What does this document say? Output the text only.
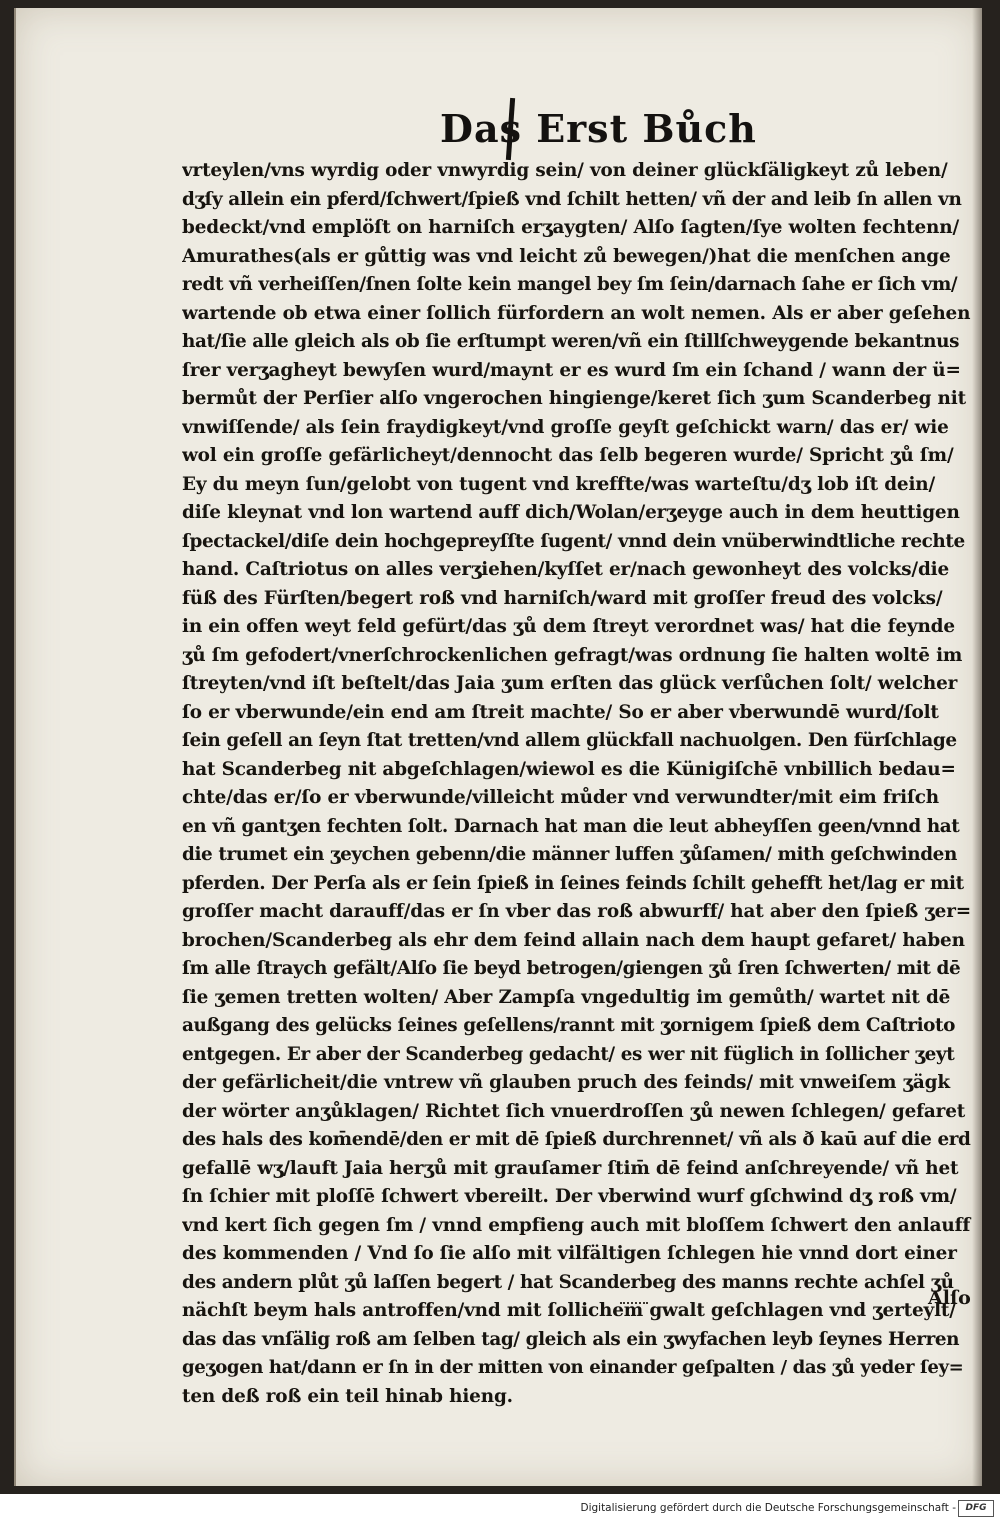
Das Erst Bůch
vrteylen/vns wyrdig oder vnwyrdig sein/ von deiner glückſäligkeyt zů leben/
dʒſy allein ein pferd/ſchwert/ſpieß vnd ſchilt hetten/ vñ der and leib ſn allen vn
bedeckt/vnd emplöſt on harniſch erʒaygten/ Alſo ſagten/ſye wolten fechtenn/
Amurathes(als er gůttig was vnd leicht zů bewegen/)hat die menſchen ange
redt vñ verheiſſen/ſnen ſolte kein mangel bey ſm ſein/darnach ſahe er ſich vm/
wartende ob etwa einer ſollich fürfordern an wolt nemen. Als er aber geſehen
hat/ſie alle gleich als ob ſie erſtumpt weren/vñ ein ſtillſchweygende bekantnus
ſrer verʒagheyt bewyſen wurd/maynt er es wurd ſm ein ſchand / wann der ü=
bermůt der Perſier alſo vngerochen hingienge/keret ſich ʒum Scanderbeg nit
vnwiſſende/ als ſein fraydigkeyt/vnd groſſe geyſt geſchickt warn/ das er/ wie
wol ein groſſe gefärlicheyt/dennocht das ſelb begeren wurde/ Spricht ʒů ſm/
Ey du meyn ſun/gelobt von tugent vnd kreffte/was warteſtu/dʒ lob iſt dein/
diſe kleynat vnd lon wartend auff dich/Wolan/erʒeyge auch in dem heuttigen
ſpectackel/diſe dein hochgepreyſſte ſugent/ vnnd dein vnüberwindtliche rechte
hand. Caſtriotus on alles verʒiehen/kyſſet er/nach gewonheyt des volcks/die
füß des Fürſten/begert roß vnd harniſch/ward mit groſſer freud des volcks/
in ein offen weyt feld gefürt/das ʒů dem ſtreyt verordnet was/ hat die feynde
ʒů ſm gefodert/vnerſchrockenlichen gefragt/was ordnung ſie halten woltē im
ſtreyten/vnd iſt beſtelt/das Jaia ʒum erſten das glück verſůchen ſolt/ welcher
ſo er vberwunde/ein end am ſtreit machte/ So er aber vberwundē wurd/ſolt
ſein geſell an ſeyn ſtat tretten/vnd allem glückfall nachuolgen. Den fürſchlage
hat Scanderbeg nit abgeſchlagen/wiewol es die Künigiſchē vnbillich bedau=
chte/das er/ſo er vberwunde/villeicht můder vnd verwundter/mit eim friſch
en vñ gantʒen fechten ſolt. Darnach hat man die leut abheyſſen geen/vnnd hat
die trumet ein ʒeychen gebenn/die männer luffen ʒůſamen/ mith geſchwinden
pferden. Der Perſa als er ſein ſpieß in ſeines feinds ſchilt gehefft het/lag er mit
groſſer macht darauff/das er ſn vber das roß abwurff/ hat aber den ſpieß ʒer=
brochen/Scanderbeg als ehr dem feind allain nach dem haupt gefaret/ haben
ſm alle ſtraych gefält/Alſo ſie beyd betrogen/giengen ʒů ſren ſchwerten/ mit dē
ſie ʒemen tretten wolten/ Aber Zampſa vngedultig im gemůth/ wartet nit dē
außgang des gelücks ſeines geſellens/rannt mit ʒornigem ſpieß dem Caſtrioto
entgegen. Er aber der Scanderbeg gedacht/ es wer nit füglich in ſollicher ʒeyt
der gefärlicheit/die vntrew vñ glauben pruch des feinds/ mit vnweiſem ʒägk
der wörter anʒůklagen/ Richtet ſich vnuerdroſſen ʒů newen ſchlegen/ gefaret
des hals des kom̄endē/den er mit dē ſpieß durchrennet/ vñ als ð kaū auf die erd
gefallē wʒ/lauft Jaia herʒů mit grauſamer ſtim̄ dē feind anſchreyende/ vñ het
ſn ſchier mit ploſſē ſchwert vbereilt. Der vberwind wurf gſchwind dʒ roß vm/
vnd kert ſich gegen ſm / vnnd empfieng auch mit bloſſem ſchwert den anlauff
des kommenden / Vnd ſo ſie alſo mit vilfältigen ſchlegen hie vnnd dort einer
des andern plůt ʒů laſſen begert / hat Scanderbeg des manns rechte achſel ʒů
nächſt beym hals antroffen/vnd mit ſollichem gwalt geſchlagen vnd ʒerteylt/
das das vnſälig roß am ſelben tag/ gleich als ein ʒwyfachen leyb ſeynes Herren
geʒogen hat/dann er ſn in der mitten von einander geſpalten / das ʒů yeder ſey=
ten deß roß ein teil hinab hieng.
Alſo
Digitalisierung gefördert durch die Deutsche Forschungsgemeinschaft -	DFG
